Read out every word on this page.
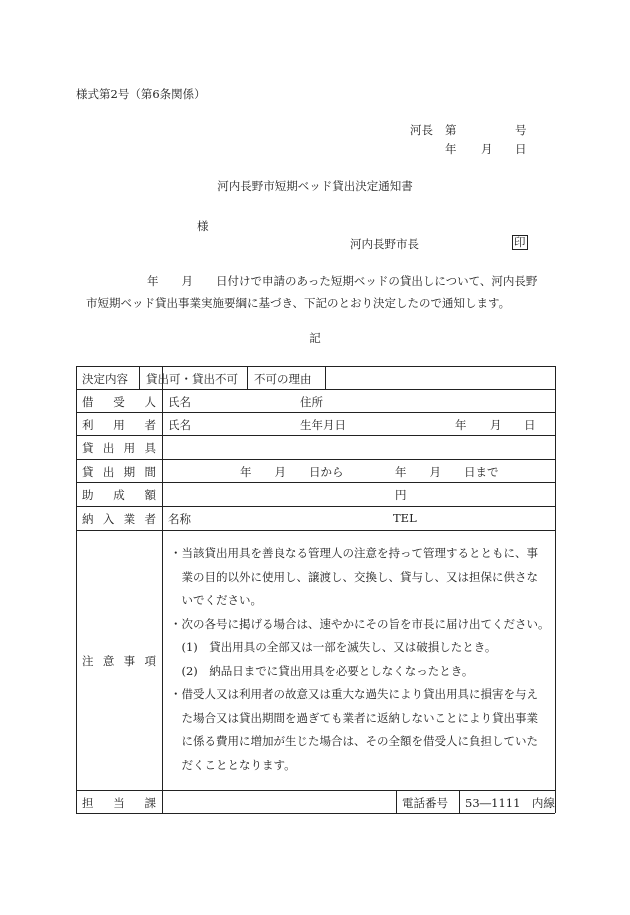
様式第2号（第6条関係）
河長 第	号
年 月 日
河内長野市短期ベッド貸出決定通知書
様
河内長野市長	印
年　　月　　日付けで申請のあった短期ベッドの貸出しについて、河内長野
市短期ベッド貸出事業実施要綱に基づき、下記のとおり決定したので通知します。
記
決定内容 貸出可・貸出不可 不可の理由
借 受 人 氏名	住所
利 用 者 氏名	生年月日	年 月 日
貸 出 用 具
貸 出 期 間	年　　月　　日から	年　　月　　日まで
助 成 額	円
納 入 業 者 名称	TEL
注 意 事 項
・当該貸出用具を善良なる管理人の注意を持って管理するとともに、事
　業の目的以外に使用し、譲渡し、交換し、貸与し、又は担保に供さな
　いでください。
・次の各号に掲げる場合は、速やかにその旨を市長に届け出てください。
　(1)　貸出用具の全部又は一部を滅失し、又は破損したとき。
　(2)　納品日までに貸出用具を必要としなくなったとき。
・借受人又は利用者の故意又は重大な過失により貸出用具に損害を与え
　た場合又は貸出期間を過ぎても業者に返納しないことにより貸出事業
　に係る費用に増加が生じた場合は、その全額を借受人に負担していた
　だくこととなります。
担 当 課	電話番号 53―1111　内線
